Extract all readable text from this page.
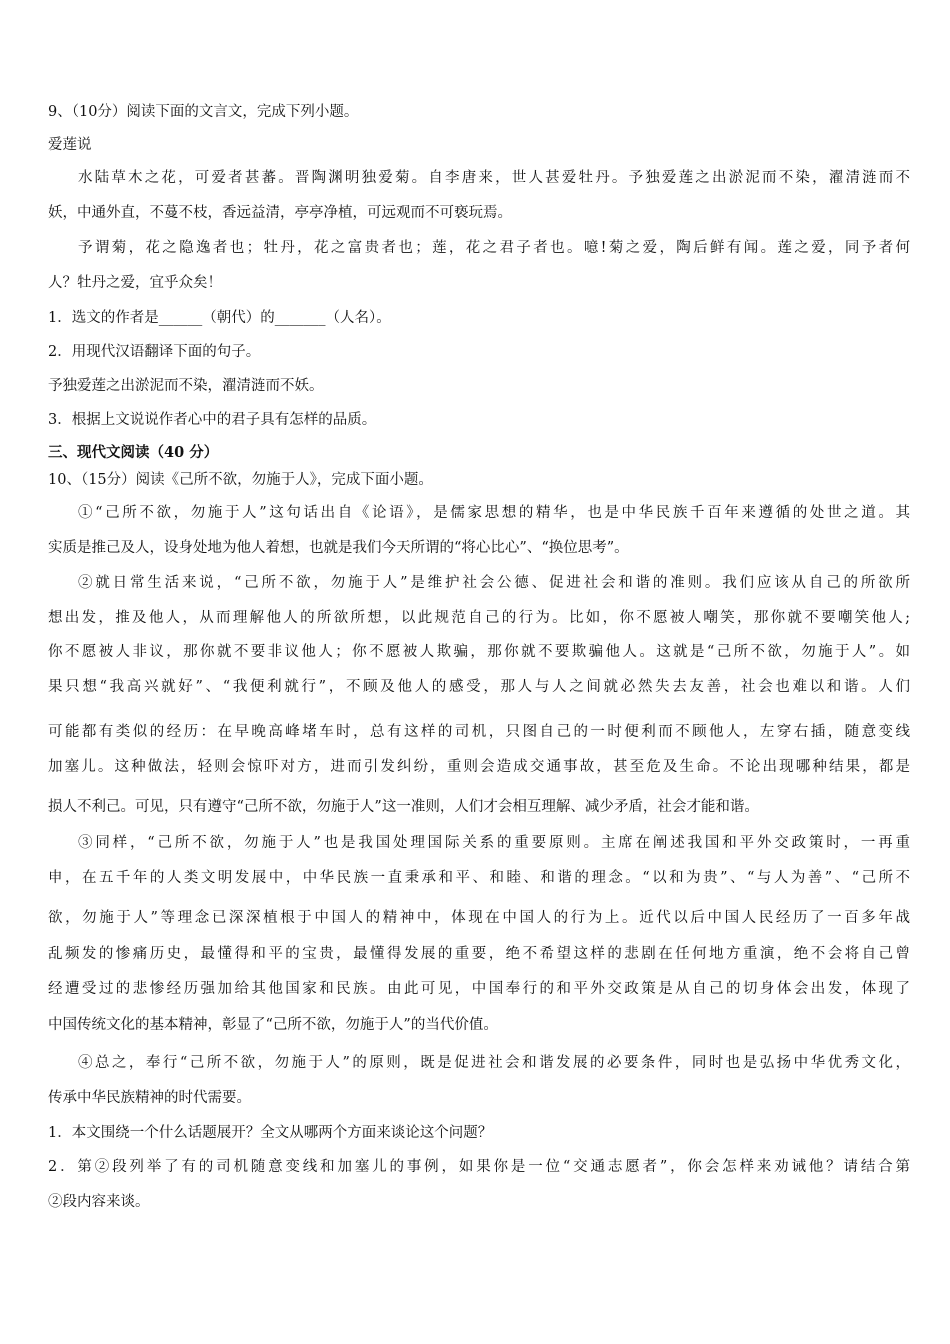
9、（10分）阅读下面的文言文，完成下列小题。
爱莲说
水陆草木之花，可爱者甚蕃。晋陶渊明独爱菊。自李唐来，世人甚爱牡丹。予独爱莲之出淤泥而不染，濯清涟而不
妖，中通外直，不蔓不枝，香远益清，亭亭净植，可远观而不可亵玩焉。
予谓菊，花之隐逸者也；牡丹，花之富贵者也；莲，花之君子者也。噫!菊之爱，陶后鲜有闻。莲之爱，同予者何
人？牡丹之爱，宜乎众矣！
1．选文的作者是______（朝代）的_______（人名）。
2．用现代汉语翻译下面的句子。
予独爱莲之出淤泥而不染，濯清涟而不妖。
3．根据上文说说作者心中的君子具有怎样的品质。
三、现代文阅读（40 分）
10、（15分）阅读《己所不欲，勿施于人》，完成下面小题。
①“己所不欲，勿施于人”这句话出自《论语》，是儒家思想的精华，也是中华民族千百年来遵循的处世之道。其
实质是推己及人，设身处地为他人着想，也就是我们今天所谓的“将心比心”、“换位思考”。
②就日常生活来说，“己所不欲，勿施于人”是维护社会公德、促进社会和谐的准则。我们应该从自己的所欲所
想出发，推及他人，从而理解他人的所欲所想，以此规范自己的行为。比如，你不愿被人嘲笑，那你就不要嘲笑他人;
你不愿被人非议，那你就不要非议他人；你不愿被人欺骗，那你就不要欺骗他人。这就是“己所不欲，勿施于人”。如
果只想“我高兴就好”、“我便利就行”，不顾及他人的感受，那人与人之间就必然失去友善，社会也难以和谐。人们
可能都有类似的经历：在早晚高峰堵车时，总有这样的司机，只图自己的一时便利而不顾他人，左穿右插，随意变线
加塞儿。这种做法，轻则会惊吓对方，进而引发纠纷，重则会造成交通事故，甚至危及生命。不论出现哪种结果，都是
损人不利己。可见，只有遵守“己所不欲，勿施于人”这一准则，人们才会相互理解、减少矛盾，社会才能和谐。
③同样，“己所不欲，勿施于人”也是我国处理国际关系的重要原则。主席在阐述我国和平外交政策时，一再重
申，在五千年的人类文明发展中，中华民族一直秉承和平、和睦、和谐的理念。“以和为贵”、“与人为善”、“己所不
欲，勿施于人”等理念已深深植根于中国人的精神中，体现在中国人的行为上。近代以后中国人民经历了一百多年战
乱频发的惨痛历史，最懂得和平的宝贵，最懂得发展的重要，绝不希望这样的悲剧在任何地方重演，绝不会将自己曾
经遭受过的悲惨经历强加给其他国家和民族。由此可见，中国奉行的和平外交政策是从自己的切身体会出发，体现了
中国传统文化的基本精神，彰显了“己所不欲，勿施于人”的当代价值。
④总之，奉行“己所不欲，勿施于人”的原则，既是促进社会和谐发展的必要条件，同时也是弘扬中华优秀文化，
传承中华民族精神的时代需要。
1．本文围绕一个什么话题展开？全文从哪两个方面来谈论这个问题？
2．第②段列举了有的司机随意变线和加塞儿的事例，如果你是一位“交通志愿者”，你会怎样来劝诫他？请结合第
②段内容来谈。
